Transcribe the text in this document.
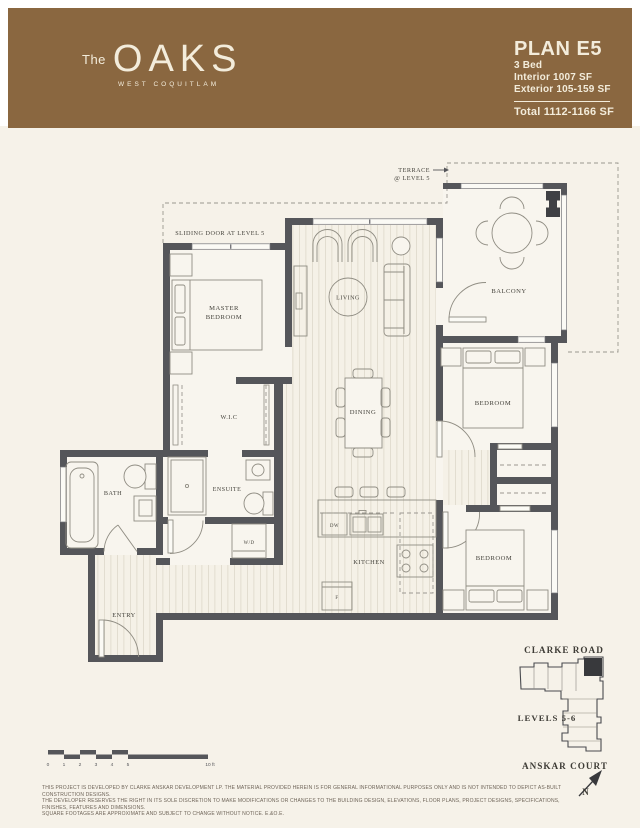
The OAKS
WEST COQUITLAM
PLAN E5
3 Bed
Interior 1007 SF
Exterior 105-159 SF
Total 1112-1166 SF
TERRACE
@ LEVEL 5
SLIDING DOOR AT LEVEL 5
MASTER
BEDROOM
LIVING
BALCONY
DINING
W.I.C
BATH	ENSUITE
W/D
DW
F
KITCHEN
ENTRY
BEDROOM
BEDROOM
CLARKE ROAD
LEVELS 5-6
ANSKAR COURT
N
0	1	2	3	4	5	10 ft
THIS PROJECT IS DEVELOPED BY CLARKE ANSKAR DEVELOPMENT LP. THE MATERIAL PROVIDED HEREIN IS FOR GENERAL INFORMATIONAL PURPOSES ONLY AND IS NOT INTENDED TO DEPICT AS-BUILT CONSTRUCTION DESIGNS.
THE DEVELOPER RESERVES THE RIGHT IN ITS SOLE DISCRETION TO MAKE MODIFICATIONS OR CHANGES TO THE BUILDING DESIGN, ELEVATIONS, FLOOR PLANS, PROJECT DESIGNS, SPECIFICATIONS, FINISHES, FEATURES AND DIMENSIONS.
SQUARE FOOTAGES ARE APPROXIMATE AND SUBJECT TO CHANGE WITHOUT NOTICE. E.&O.E.
